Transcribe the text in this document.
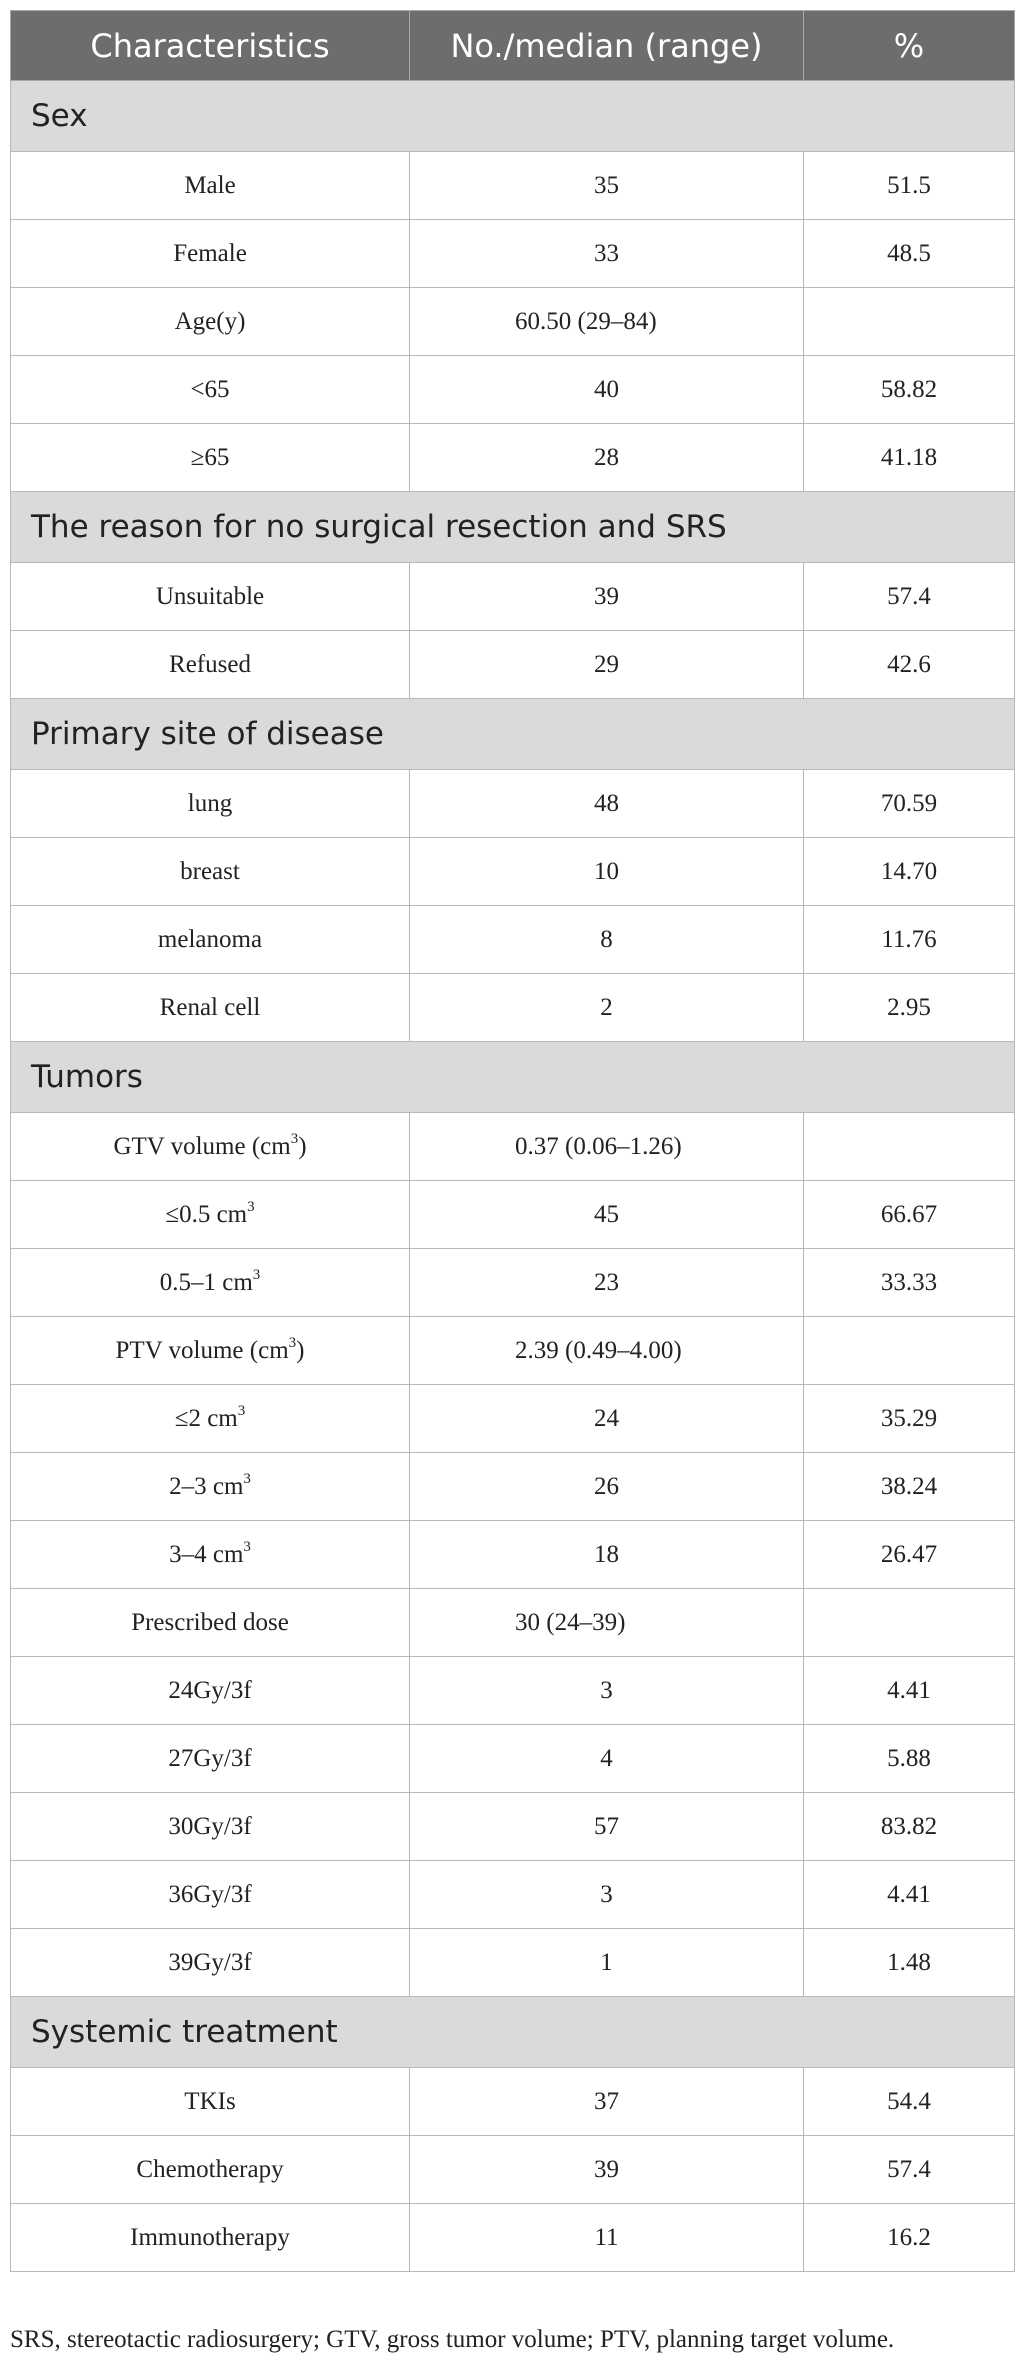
Characteristics	No./median (range)	%
Sex		
Male	35	51.5
Female	33	48.5
Age(y)	60.50 (29–84)	
<65	40	58.82
≥65	28	41.18
The reason for no surgical resection and SRS		
Unsuitable	39	57.4
Refused	29	42.6
Primary site of disease		
lung	48	70.59
breast	10	14.70
melanoma	8	11.76
Renal cell	2	2.95
Tumors		
GTV volume $(cm^3)$	0.37 (0.06–1.26)	
≤0.5 $cm^3$	45	66.67
0.5–1 $cm^3$	23	33.33
PTV volume $(cm^3)$	2.39 (0.49–4.00)	
≤2 $cm^3$	24	35.29
2–3 $cm^3$	26	38.24
3–4 $cm^3$	18	26.47
Prescribed dose	30 (24–39)	
24Gy/3f	3	4.41
27Gy/3f	4	5.88
30Gy/3f	57	83.82
36Gy/3f	3	4.41
39Gy/3f	1	1.48
Systemic treatment		
TKIs	37	54.4
Chemotherapy	39	57.4
Immunotherapy	11	16.2
SRS, stereotactic radiosurgery; GTV, gross tumor volume; PTV, planning target volume.
